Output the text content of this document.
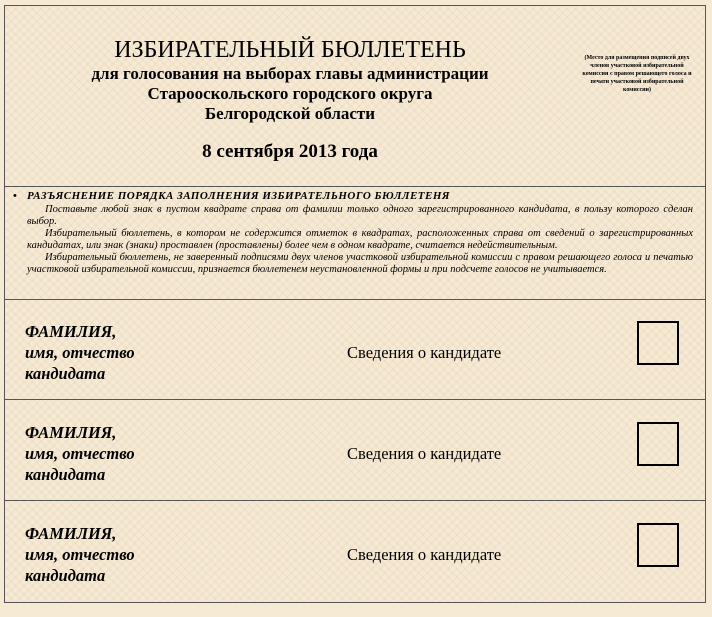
ИЗБИРАТЕЛЬНЫЙ БЮЛЛЕТЕНЬ
для голосования на выборах главы администрации
Старооскольского городского округа
Белгородской области
8 сентября 2013 года
(Место для размещения подписей двух членов участковой избирательной комиссии с правом решающего голоса и печати участковой избирательной комиссии)
• РАЗЪЯСНЕНИЕ ПОРЯДКА ЗАПОЛНЕНИЯ ИЗБИРАТЕЛЬНОГО БЮЛЛЕТЕНЯ

Поставьте любой знак в пустом квадрате справа от фамилии только одного зарегистрированного кандидата, в пользу которого сделан выбор.

Избирательный бюллетень, в котором не содержится отметок в квадратах, расположенных справа от сведений о зарегистрированных кандидатах, или знак (знаки) проставлен (проставлены) более чем в одном квадрате, считается недействительным.

Избирательный бюллетень, не заверенный подписями двух членов участковой избирательной комиссии с правом решающего голоса и печатью участковой избирательной комиссии, признается бюллетенем неустановленной формы и при подсчете голосов не учитывается.

ФАМИЛИЯ,
имя, отчество
кандидата
Сведения о кандидате
ФАМИЛИЯ,
имя, отчество
кандидата
Сведения о кандидате
ФАМИЛИЯ,
имя, отчество
кандидата
Сведения о кандидате
